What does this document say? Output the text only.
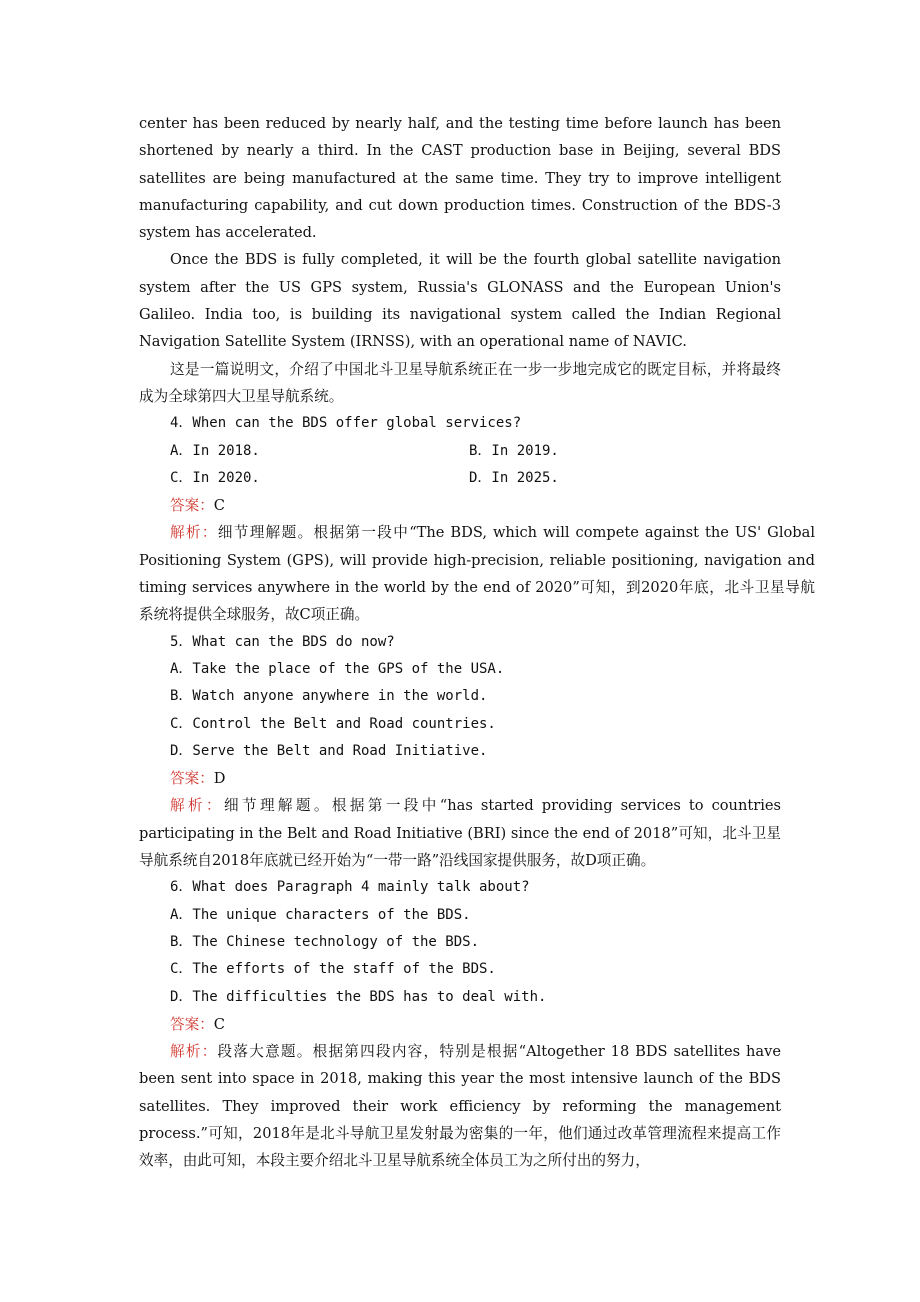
center has been reduced by nearly half, and the testing time before launch has been shortened by nearly a third. In the CAST production base in Beijing, several BDS satellites are being manufactured at the same time. They try to improve intelligent manufacturing capability, and cut down production times. Construction of the BDS-3 system has accelerated.

Once the BDS is fully completed, it will be the fourth global satellite navigation system after the US GPS system, Russia's GLONASS and the European Union's Galileo. India too, is building its navigational system called the Indian Regional Navigation Satellite System (IRNSS), with an operational name of NAVIC.

这是一篇说明文，介绍了中国北斗卫星导航系统正在一步一步地完成它的既定目标，并将最终成为全球第四大卫星导航系统。

4．When can the BDS offer global services?

A．In 2018.	B．In 2019.
C．In 2020.	D．In 2025.

答案：C

解析：细节理解题。根据第一段中“The BDS, which will compete against the US' Global Positioning System (GPS), will provide high-precision, reliable positioning, navigation and timing services anywhere in the world by the end of 2020”可知，到2020年底，北斗卫星导航系统将提供全球服务，故C项正确。

5．What can the BDS do now?

A．Take the place of the GPS of the USA.

B．Watch anyone anywhere in the world.

C．Control the Belt and Road countries.

D．Serve the Belt and Road Initiative.

答案：D

解析：细节理解题。根据第一段中“has started providing services to countries participating in the Belt and Road Initiative (BRI) since the end of 2018”可知，北斗卫星导航系统自2018年底就已经开始为“一带一路”沿线国家提供服务，故D项正确。

6．What does Paragraph 4 mainly talk about?

A．The unique characters of the BDS.

B．The Chinese technology of the BDS.

C．The efforts of the staff of the BDS.

D．The difficulties the BDS has to deal with.

答案：C

解析：段落大意题。根据第四段内容，特别是根据“Altogether 18 BDS satellites have been sent into space in 2018, making this year the most intensive launch of the BDS satellites. They improved their work efficiency by reforming the management process.”可知，2018年是北斗导航卫星发射最为密集的一年，他们通过改革管理流程来提高工作效率，由此可知，本段主要介绍北斗卫星导航系统全体员工为之所付出的努力，
